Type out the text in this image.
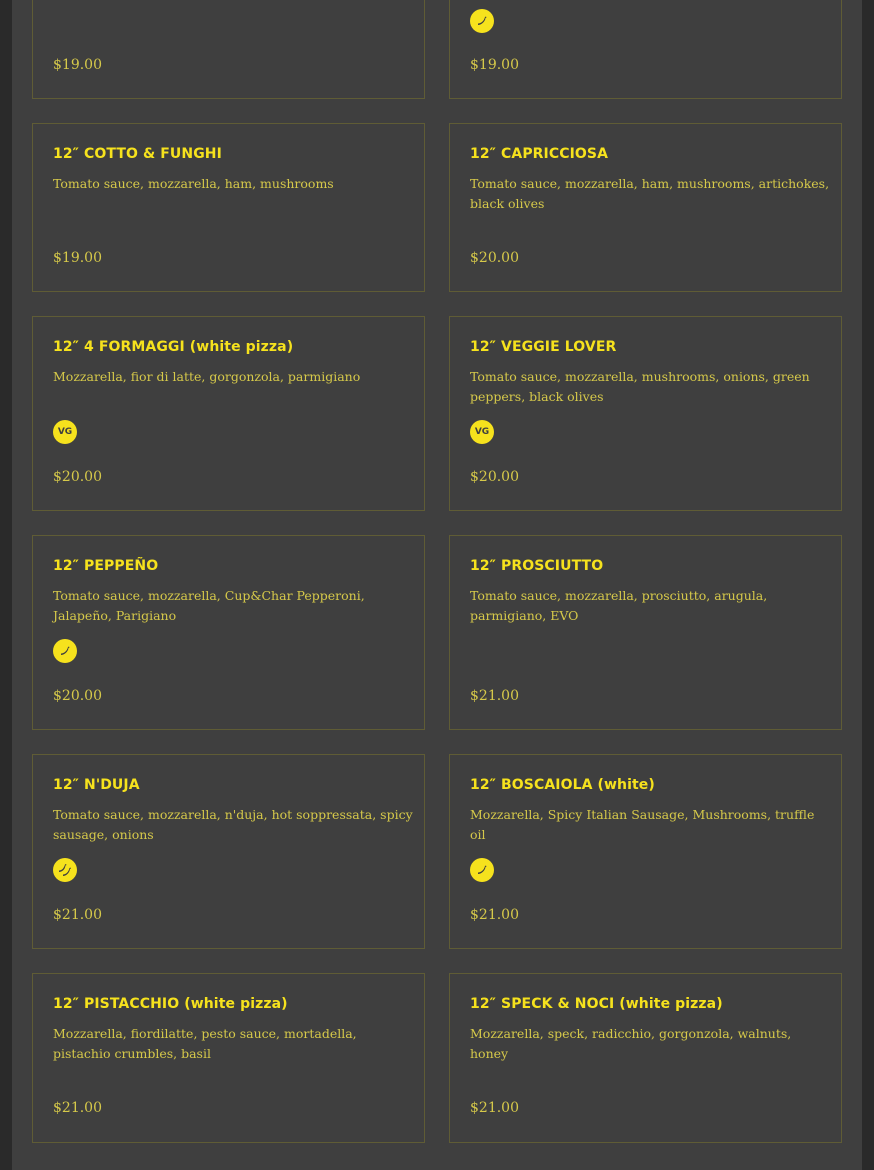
$19.00	$19.00
12″ COTTO & FUNGHI
Tomato sauce, mozzarella, ham, mushrooms
$19.00
12″ CAPRICCIOSA
Tomato sauce, mozzarella, ham, mushrooms, artichokes, black olives
$20.00
12″ 4 FORMAGGI (white pizza)
Mozzarella, fior di latte, gorgonzola, parmigiano
VG
$20.00
12″ VEGGIE LOVER
Tomato sauce, mozzarella, mushrooms, onions, green peppers, black olives
VG
$20.00
12″ PEPPEÑO
Tomato sauce, mozzarella, Cup&Char Pepperoni, Jalapeño, Parigiano
$20.00
12″ PROSCIUTTO
Tomato sauce, mozzarella, prosciutto, arugula, parmigiano, EVO
$21.00
12″ N'DUJA
Tomato sauce, mozzarella, n'duja, hot soppressata, spicy sausage, onions
$21.00
12″ BOSCAIOLA (white)
Mozzarella, Spicy Italian Sausage, Mushrooms, truffle oil
$21.00
12″ PISTACCHIO (white pizza)
Mozzarella, fiordilatte, pesto sauce, mortadella, pistachio crumbles, basil
$21.00
12″ SPECK & NOCI (white pizza)
Mozzarella, speck, radicchio, gorgonzola, walnuts, honey
$21.00
